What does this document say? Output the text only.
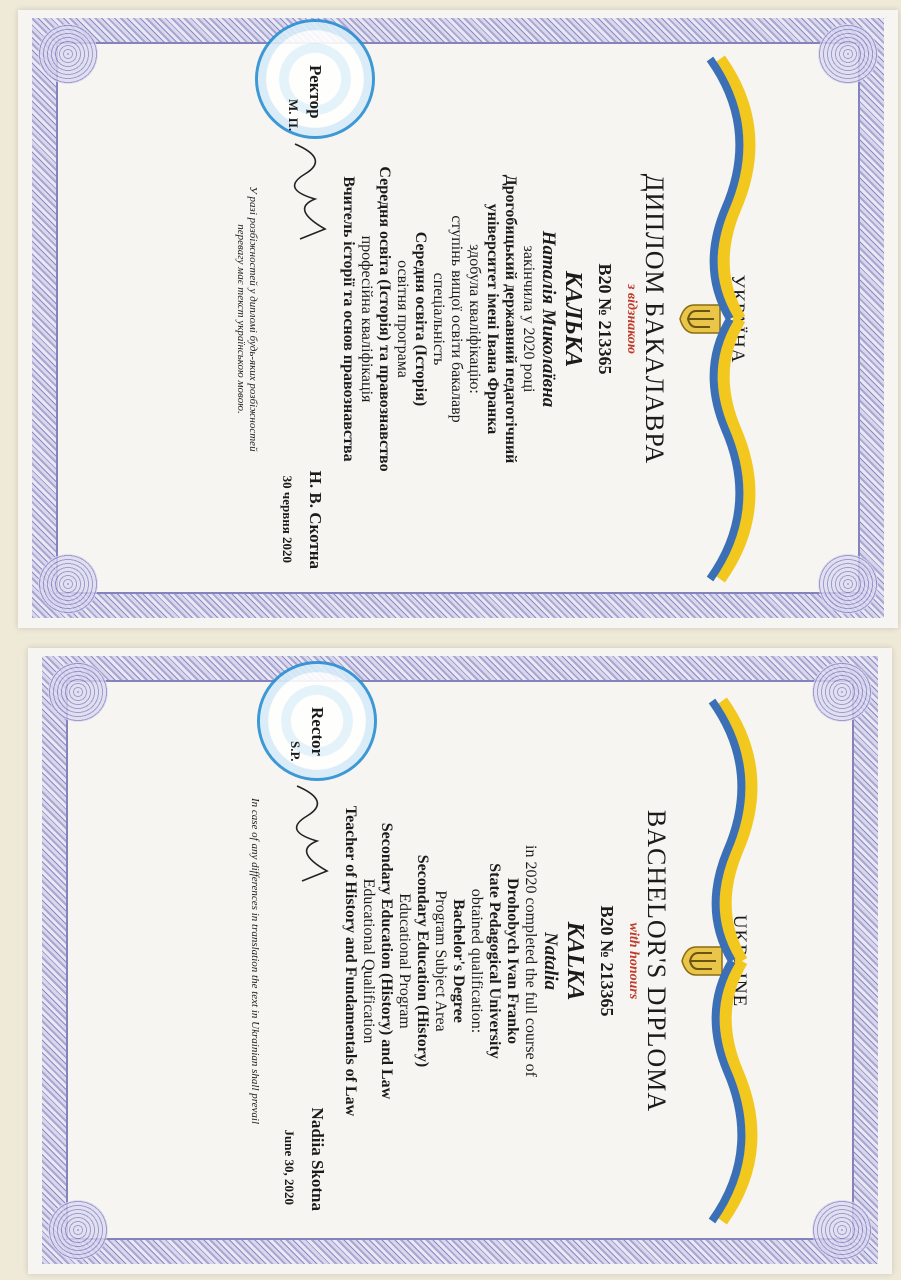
УКРАЇНА
ДИПЛОМ БАКАЛАВРА
з відзнакою
В20 № 213365
КАЛЬКА
Наталія Миколаївна
закінчила у 2020 році
Дрогобицький державний педагогічний
університет імені Івана Франка
здобула кваліфікацію:
ступінь вищої освіти бакалавр
спеціальність
Середня освіта (Історія)
освітня програма
Середня освіта (Історія) та правознавство
професійна кваліфікація
Вчитель історії та основ правознавства
Ректор
М. П.
Н. В. Скотна
30 червня 2020
У разі розбіжностей у дипломі будь-яких розбіжностей
перевагу має текст українською мовою.
UKRAINE
BACHELOR'S DIPLOMA
with honours
B20 № 213365
KALKA
Natalia
in 2020 completed the full course of
Drohobych Ivan Franko
State Pedagogical University
obtained qualification:
Bachelor's Degree
Program Subject Area
Secondary Education (History)
Educational Program
Secondary Education (History) and Law
Educational Qualification
Teacher of History and Fundamentals of Law
Rector
S.P.
Nadiia Skotna
June 30, 2020
In case of any differences in translation the text in Ukrainian shall prevail
